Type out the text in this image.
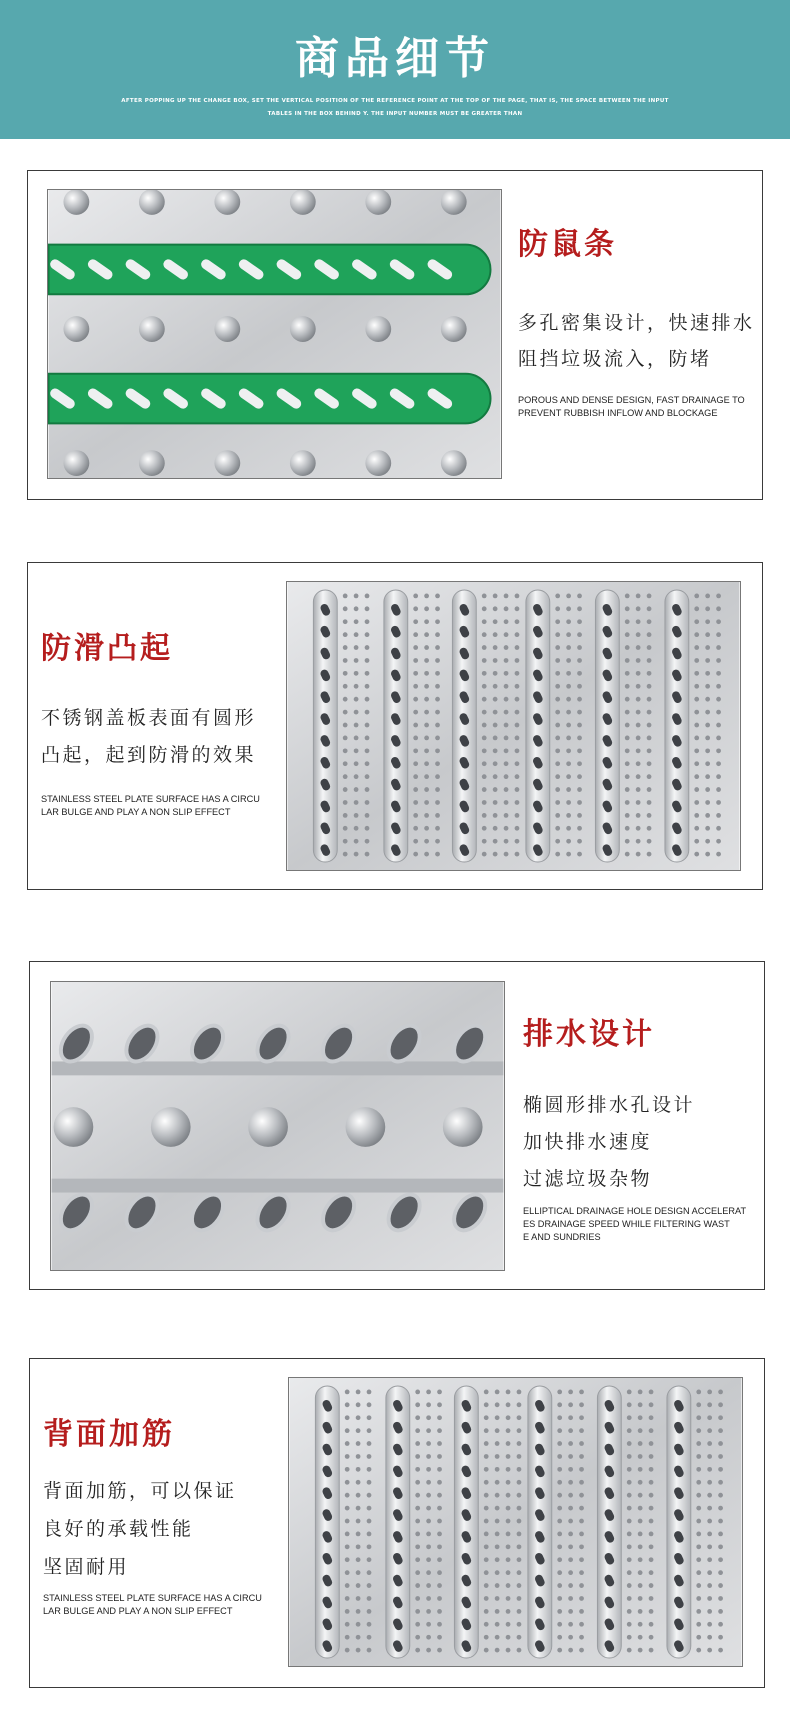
商品细节
AFTER POPPING UP THE CHANGE BOX, SET THE VERTICAL POSITION OF THE REFERENCE POINT AT THE TOP OF THE PAGE, THAT IS, THE SPACE BETWEEN THE INPUT
TABLES IN THE BOX BEHIND Y. THE INPUT NUMBER MUST BE GREATER THAN
防鼠条
多孔密集设计，快速排水
阻挡垃圾流入，防堵
POROUS AND DENSE DESIGN, FAST DRAINAGE TO
PREVENT RUBBISH INFLOW AND BLOCKAGE
防滑凸起
不锈钢盖板表面有圆形
凸起，起到防滑的效果
STAINLESS STEEL PLATE SURFACE HAS A CIRCU
LAR BULGE AND PLAY A NON SLIP EFFECT
排水设计
椭圆形排水孔设计
加快排水速度
过滤垃圾杂物
ELLIPTICAL DRAINAGE HOLE DESIGN ACCELERAT
ES DRAINAGE SPEED WHILE FILTERING WAST
E AND SUNDRIES
背面加筋
背面加筋，可以保证
良好的承载性能
坚固耐用
STAINLESS STEEL PLATE SURFACE HAS A CIRCU
LAR BULGE AND PLAY A NON SLIP EFFECT
